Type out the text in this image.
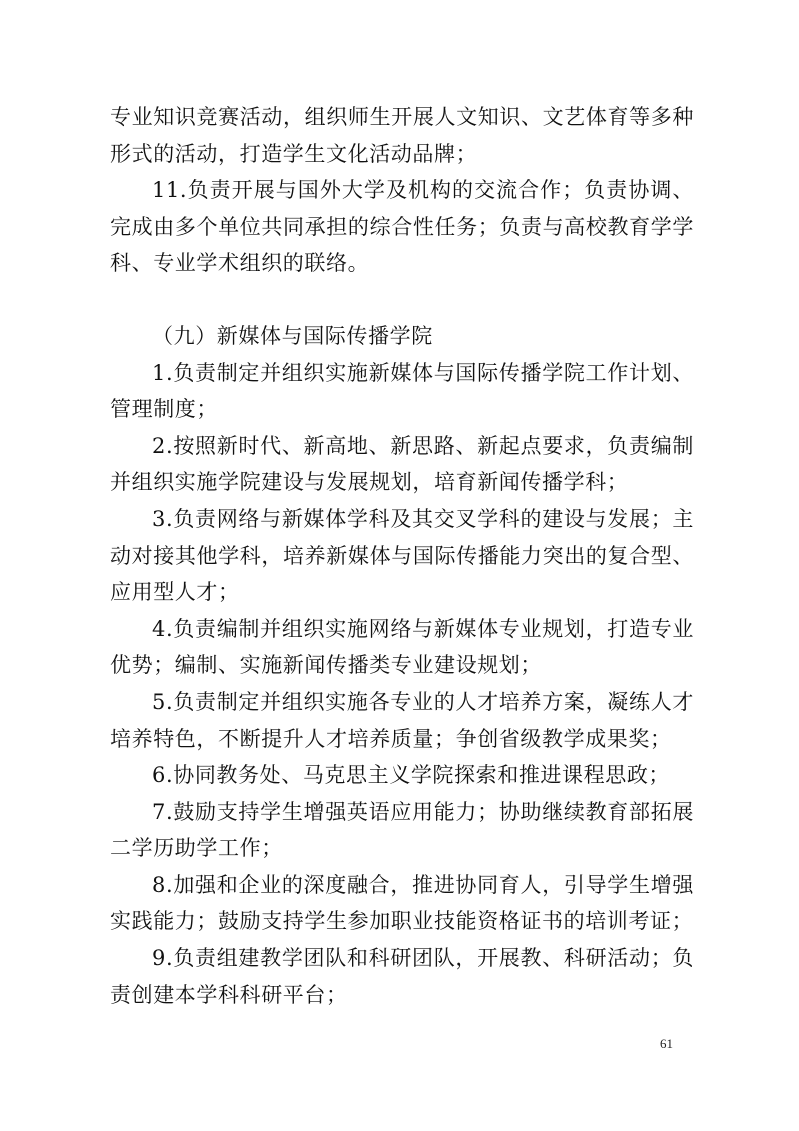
专业知识竞赛活动，组织师生开展人文知识、文艺体育等多种形式的活动，打造学生文化活动品牌；

11.负责开展与国外大学及机构的交流合作；负责协调、完成由多个单位共同承担的综合性任务；负责与高校教育学学科、专业学术组织的联络。

（九）新媒体与国际传播学院

1.负责制定并组织实施新媒体与国际传播学院工作计划、管理制度；

2.按照新时代、新高地、新思路、新起点要求，负责编制并组织实施学院建设与发展规划，培育新闻传播学科；

3.负责网络与新媒体学科及其交叉学科的建设与发展；主动对接其他学科，培养新媒体与国际传播能力突出的复合型、应用型人才；

4.负责编制并组织实施网络与新媒体专业规划，打造专业优势；编制、实施新闻传播类专业建设规划；

5.负责制定并组织实施各专业的人才培养方案，凝练人才培养特色，不断提升人才培养质量；争创省级教学成果奖；

6.协同教务处、马克思主义学院探索和推进课程思政；

7.鼓励支持学生增强英语应用能力；协助继续教育部拓展二学历助学工作；

8.加强和企业的深度融合，推进协同育人，引导学生增强实践能力；鼓励支持学生参加职业技能资格证书的培训考证；

9.负责组建教学团队和科研团队，开展教、科研活动；负责创建本学科科研平台；

61
